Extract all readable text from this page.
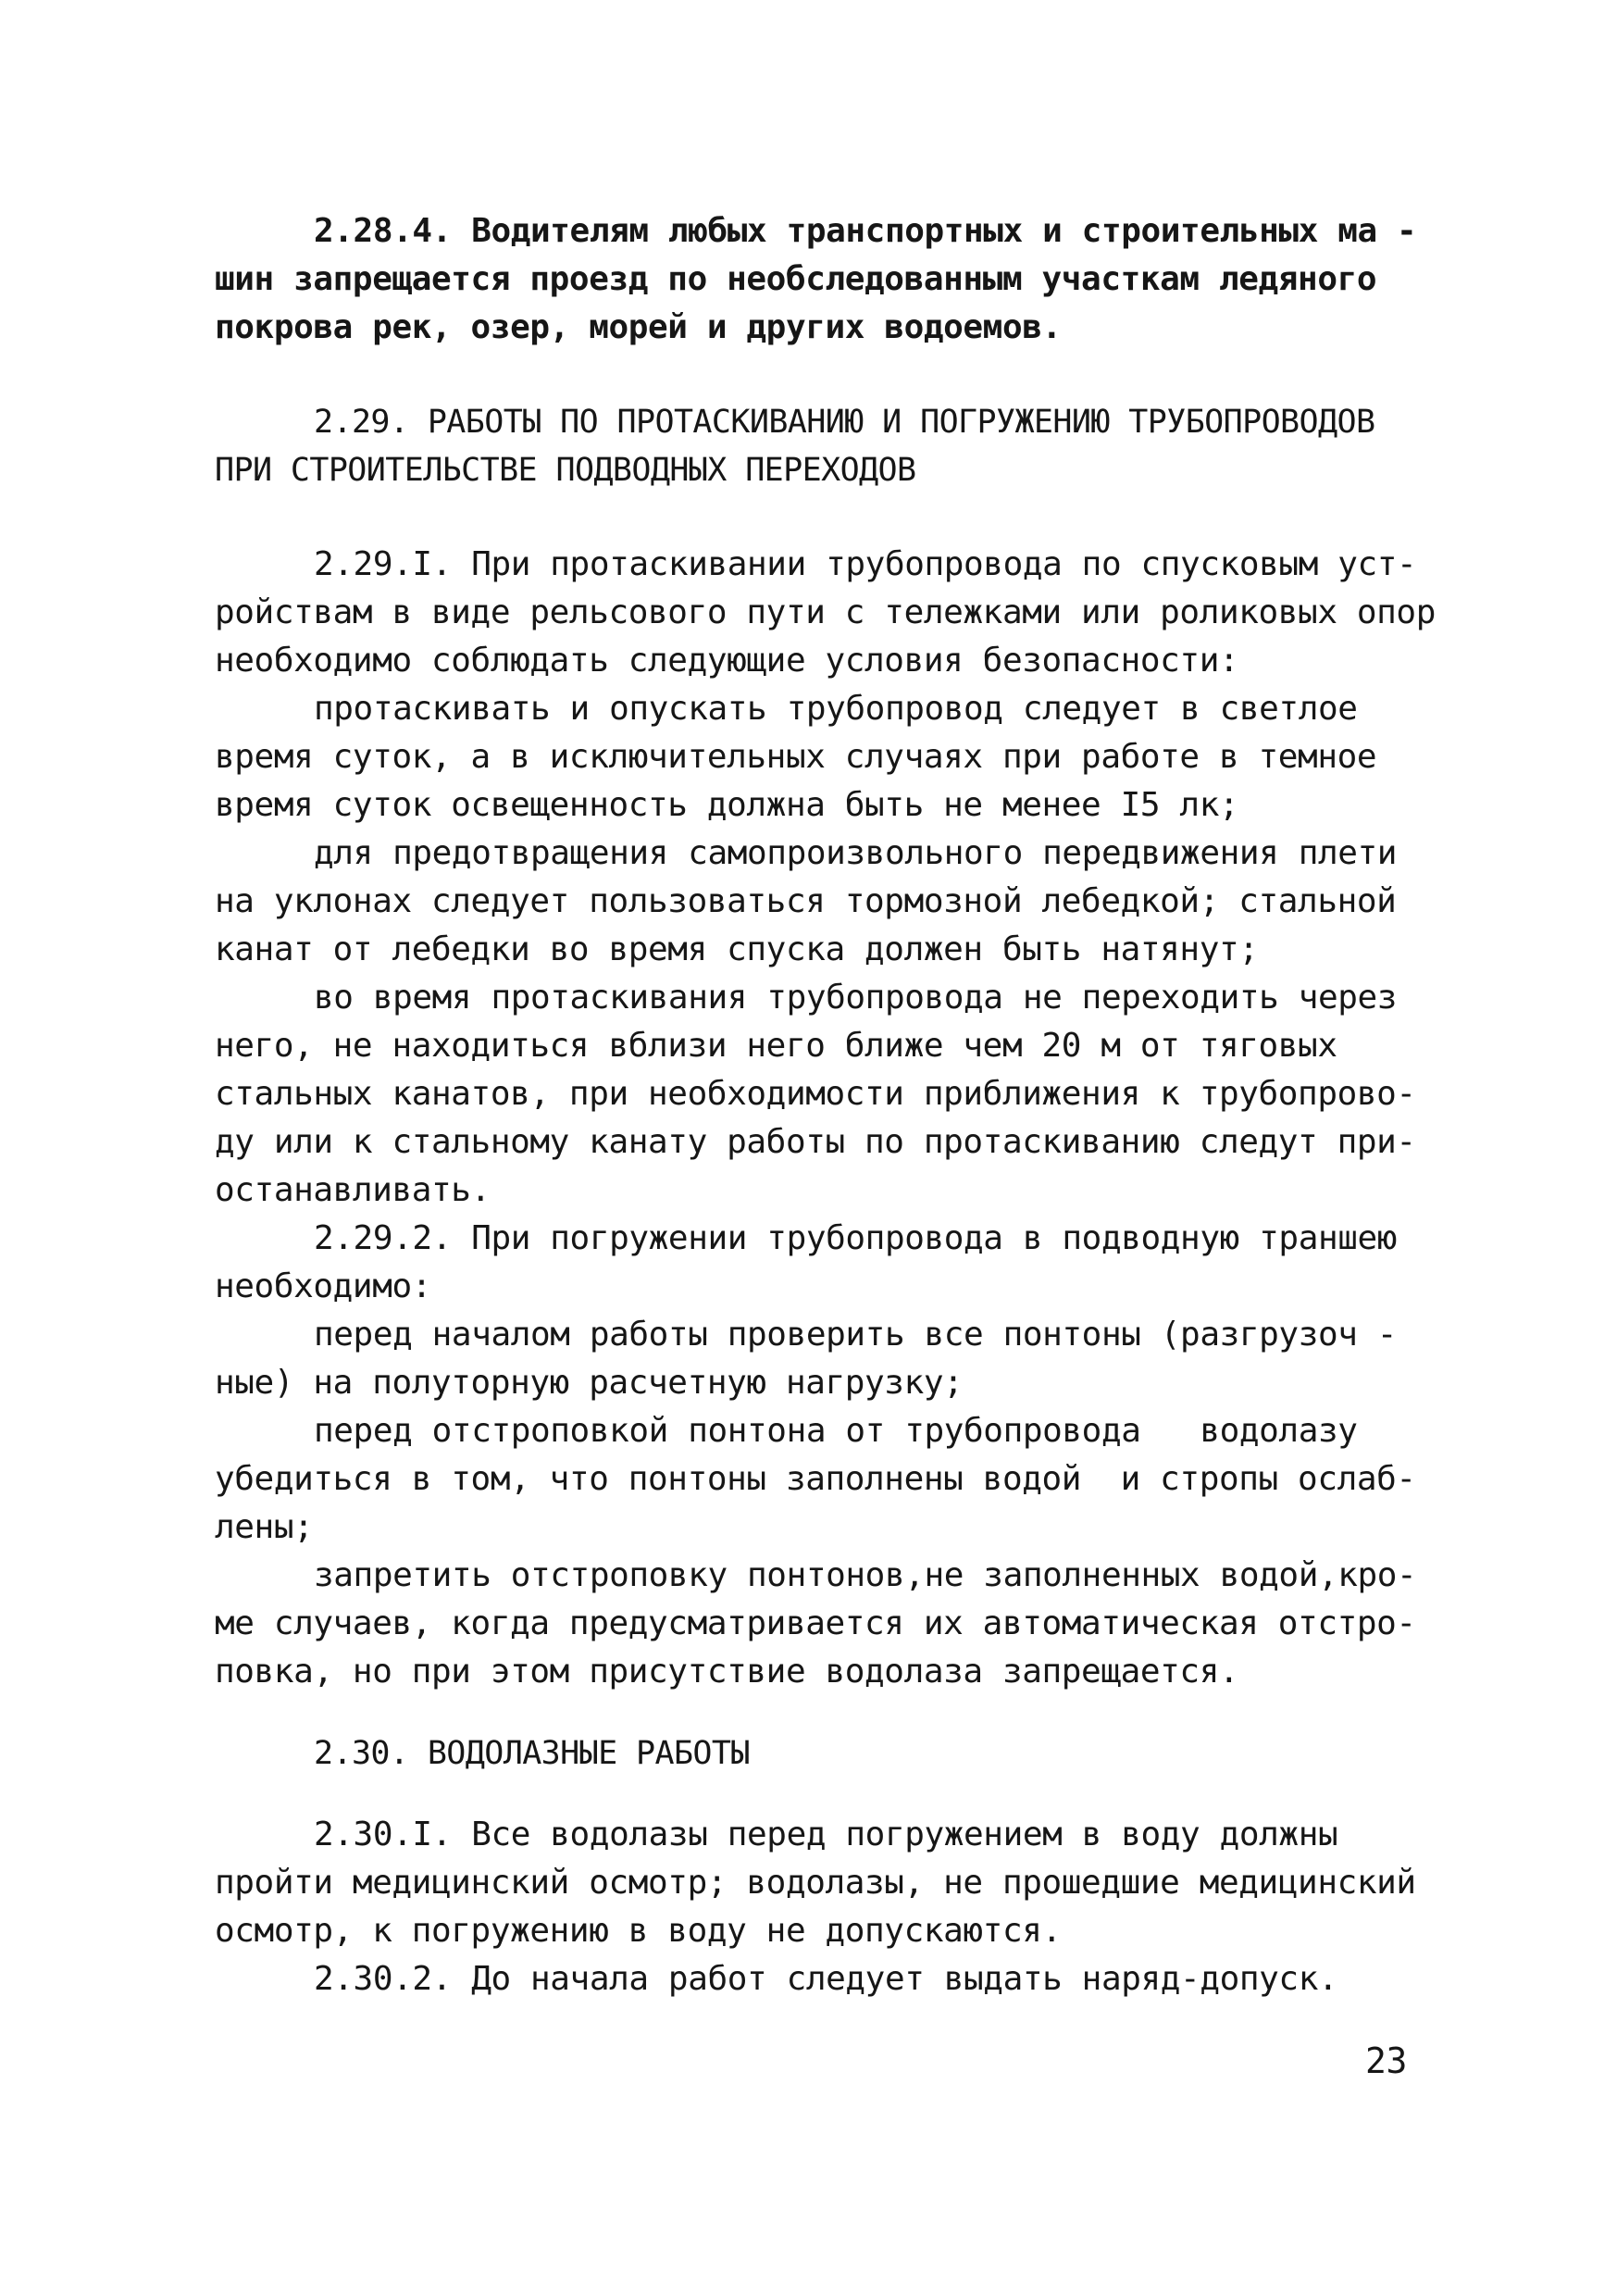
2.28.4. Водителям любых транспортных и строительных ма -
шин запрещается проезд по необследованным участкам ледяного
покрова рек, озер, морей и других водоемов.
2.29. РАБОТЫ ПО ПРОТАСКИВАНИЮ И ПОГРУЖЕНИЮ ТРУБОПРОВОДОВ
ПРИ СТРОИТЕЛЬСТВЕ ПОДВОДНЫХ ПЕРЕХОДОВ
2.29.I. При протаскивании трубопровода по спусковым уст-
ройствам в виде рельсового пути с тележками или роликовых опор
необходимо соблюдать следующие условия безопасности:
протаскивать и опускать трубопровод следует в светлое
время суток, а в исключительных случаях при работе в темное
время суток освещенность должна быть не менее I5 лк;
для предотвращения самопроизвольного передвижения плети
на уклонах следует пользоваться тормозной лебедкой; стальной
канат от лебедки во время спуска должен быть натянут;
во время протаскивания трубопровода не переходить через
него, не находиться вблизи него ближе чем 20 м от тяговых
стальных канатов, при необходимости приближения к трубопрово-
ду или к стальному канату работы по протаскиванию следут при-
останавливать.
2.29.2. При погружении трубопровода в подводную траншею
необходимо:
перед началом работы проверить все понтоны (разгрузоч -
ные) на полуторную расчетную нагрузку;
перед отстроповкой понтона от трубопровода   водолазу
убедиться в том, что понтоны заполнены водой  и стропы ослаб-
лены;
запретить отстроповку понтонов,не заполненных водой,кро-
ме случаев, когда предусматривается их автоматическая отстро-
повка, но при этом присутствие водолаза запрещается.
2.30. ВОДОЛАЗНЫЕ РАБОТЫ
2.30.I. Все водолазы перед погружением в воду должны
пройти медицинский осмотр; водолазы, не прошедшие медицинский
осмотр, к погружению в воду не допускаются.
2.30.2. До начала работ следует выдать наряд-допуск.
23
